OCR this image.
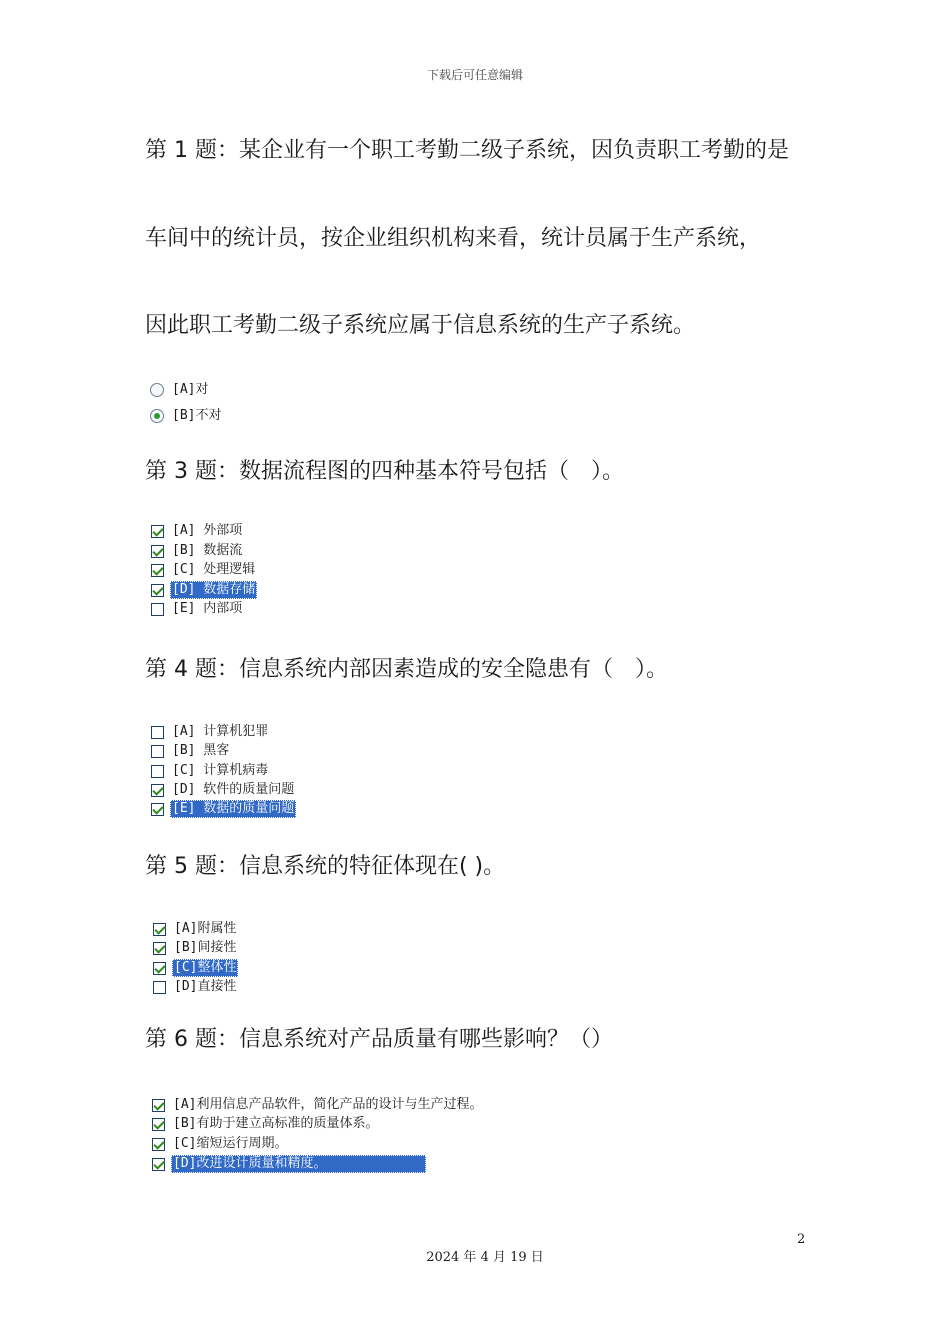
下载后可任意编辑
第 1 题：某企业有一个职工考勤二级子系统，因负责职工考勤的是

车间中的统计员，按企业组织机构来看，统计员属于生产系统，

因此职工考勤二级子系统应属于信息系统的生产子系统。

[A]对
[B]不对
第 3 题：数据流程图的四种基本符号包括（　）。
[A] 外部项
[B] 数据流
[C] 处理逻辑
[D] 数据存储
[E] 内部项
第 4 题：信息系统内部因素造成的安全隐患有（　）。
[A] 计算机犯罪
[B] 黑客
[C] 计算机病毒
[D] 软件的质量问题
[E] 数据的质量问题
第 5 题：信息系统的特征体现在( )。
[A]附属性
[B]间接性
[C]整体性
[D]直接性
第 6 题：信息系统对产品质量有哪些影响？（）
[A]利用信息产品软件，简化产品的设计与生产过程。
[B]有助于建立高标准的质量体系。
[C]缩短运行周期。
[D]改进设计质量和精度。
2
2024 年 4 月 19 日
